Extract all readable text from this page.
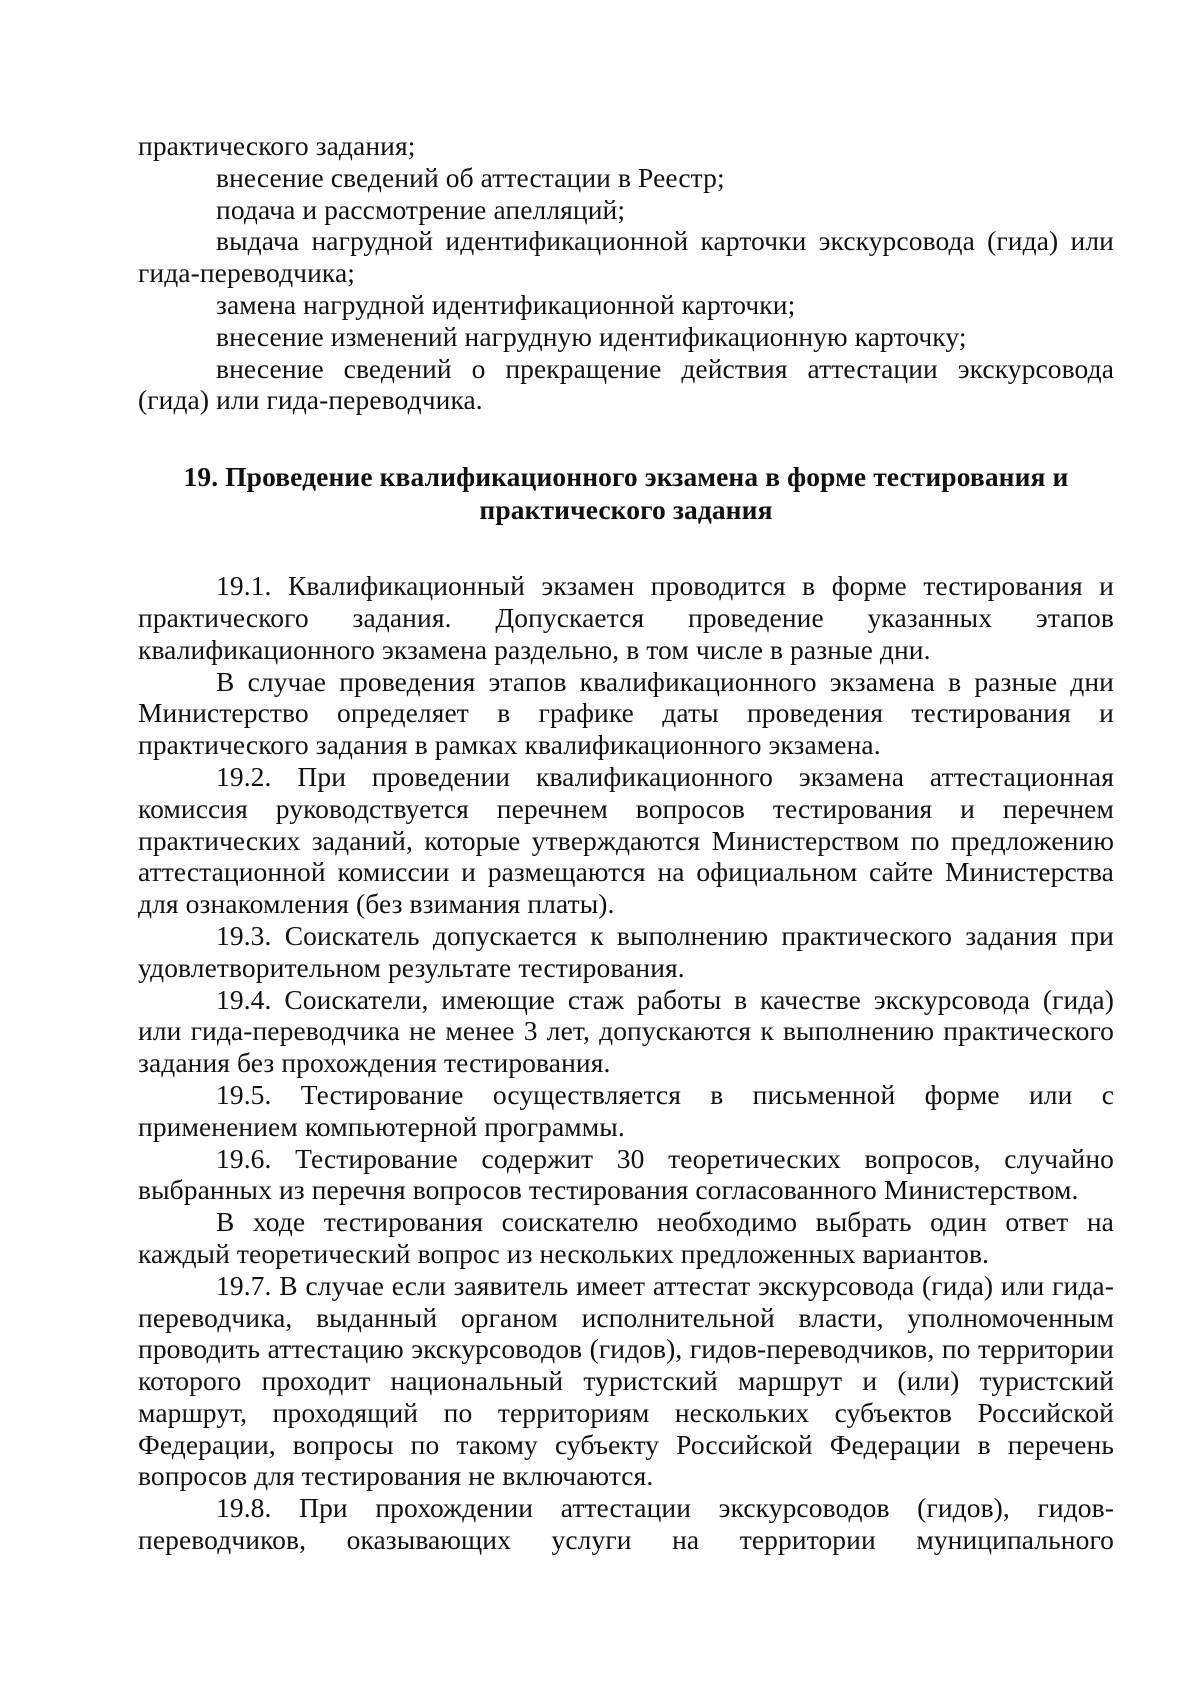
практического задания;

внесение сведений об аттестации в Реестр;

подача и рассмотрение апелляций;

выдача нагрудной идентификационной карточки экскурсовода (гида) или гида-переводчика;

замена нагрудной идентификационной карточки;

внесение изменений нагрудную идентификационную карточку;

внесение сведений о прекращение действия аттестации экскурсовода (гида) или гида-переводчика.

19. Проведение квалификационного экзамена в форме тестирования и
практического задания

19.1. Квалификационный экзамен проводится в форме тестирования и практического задания. Допускается проведение указанных этапов квалификационного экзамена раздельно, в том числе в разные дни.

В случае проведения этапов квалификационного экзамена в разные дни Министерство определяет в графике даты проведения тестирования и практического задания в рамках квалификационного экзамена.

19.2. При проведении квалификационного экзамена аттестационная комиссия руководствуется перечнем вопросов тестирования и перечнем практических заданий, которые утверждаются Министерством по предложению аттестационной комиссии и размещаются на официальном сайте Министерства для ознакомления (без взимания платы).

19.3. Соискатель допускается к выполнению практического задания при удовлетворительном результате тестирования.

19.4. Соискатели, имеющие стаж работы в качестве экскурсовода (гида) или гида-переводчика не менее 3 лет, допускаются к выполнению практического задания без прохождения тестирования.

19.5. Тестирование осуществляется в письменной форме или с применением компьютерной программы.

19.6. Тестирование содержит 30 теоретических вопросов, случайно выбранных из перечня вопросов тестирования согласованного Министерством.

В ходе тестирования соискателю необходимо выбрать один ответ на каждый теоретический вопрос из нескольких предложенных вариантов.

19.7. В случае если заявитель имеет аттестат экскурсовода (гида) или гида-переводчика, выданный органом исполнительной власти, уполномоченным проводить аттестацию экскурсоводов (гидов), гидов-переводчиков, по территории которого проходит национальный туристский маршрут и (или) туристский маршрут, проходящий по территориям нескольких субъектов Российской Федерации, вопросы по такому субъекту Российской Федерации в перечень вопросов для тестирования не включаются.

19.8. При прохождении аттестации экскурсоводов (гидов), гидов-переводчиков, оказывающих услуги на территории муниципального
